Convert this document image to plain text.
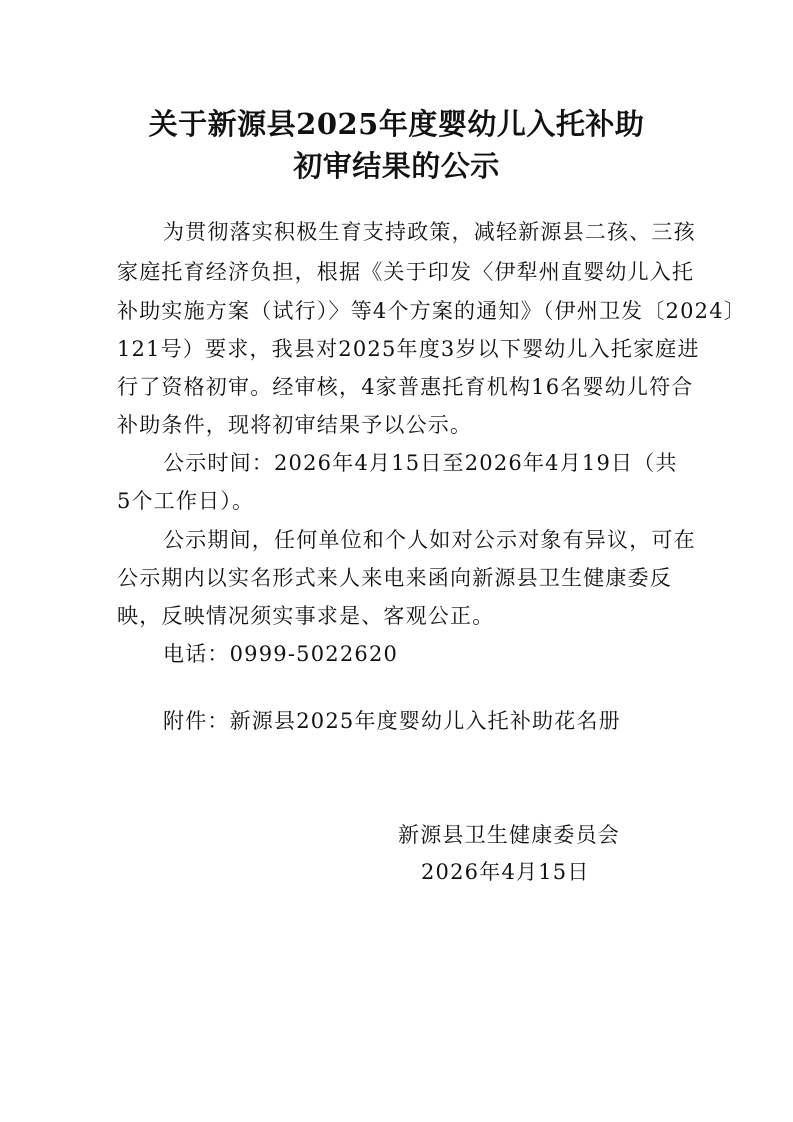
关于新源县2025年度婴幼儿入托补助
初审结果的公示
为贯彻落实积极生育支持政策，减轻新源县二孩、三孩
家庭托育经济负担，根据《关于印发〈伊犁州直婴幼儿入托
补助实施方案（试行）〉等4个方案的通知》（伊州卫发〔2024〕
121号）要求，我县对2025年度3岁以下婴幼儿入托家庭进
行了资格初审。经审核，4家普惠托育机构16名婴幼儿符合
补助条件，现将初审结果予以公示。
公示时间：2026年4月15日至2026年4月19日（共
5个工作日）。
公示期间，任何单位和个人如对公示对象有异议，可在
公示期内以实名形式来人来电来函向新源县卫生健康委反
映，反映情况须实事求是、客观公正。
电话：0999-5022620
附件：新源县2025年度婴幼儿入托补助花名册
新源县卫生健康委员会
2026年4月15日
